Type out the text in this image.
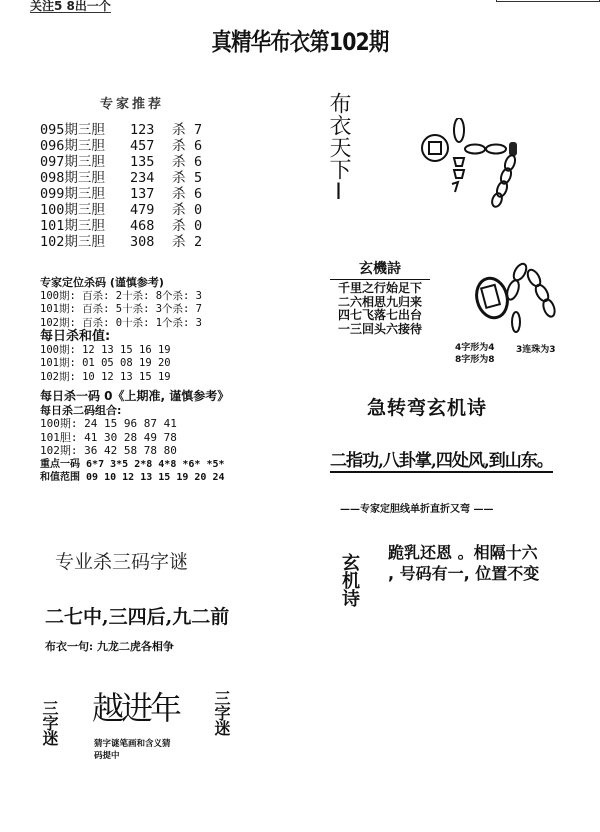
关注5 8出一个
真精华布衣第102期
专家推荐
095期三胆	123	杀 7
096期三胆	457	杀 6
097期三胆	135	杀 6
098期三胆	234	杀 5
099期三胆	137	杀 6
100期三胆	479	杀 0
101期三胆	468	杀 0
102期三胆	308	杀 2
专家定位杀码 (谨慎参考)
100期: 百杀: 2十杀: 8个杀: 3
101期: 百杀: 5十杀: 3个杀: 7
102期: 百杀: 0十杀: 1个杀: 3
每日杀和值:
100期: 12 13 15 16 19
101期: 01 05 08 19 20
102期: 10 12 13 15 19
每日杀一码 0《上期准, 谨慎参考》
每日杀二码组合:
100期: 24 15 96 87 41
101胆: 41 30 28 49 78
102期: 36 42 58 78 80
重点一码 6*7 3*5 2*8 4*8 *6* *5*
和值范围 09 10 12 13 15 19 20 24
专业杀三码字谜
二七中,三四后,九二前
布衣一句: 九龙二虎各相争
三字迷 越进年
猜字谜笔画和含义猜码提中
三字迷
布衣天下I
玄機詩
千里之行始足下
二六相思九归来
四七飞落七出台
一三回头六接待
4字形为4
8字形为8
3连珠为3
急转弯玄机诗
二指功,八卦掌,四处风,到山东。
——专家定胆线单折直折又弯 ——
玄机诗
跪乳还恩 。相隔十六
, 号码有一, 位置不变
